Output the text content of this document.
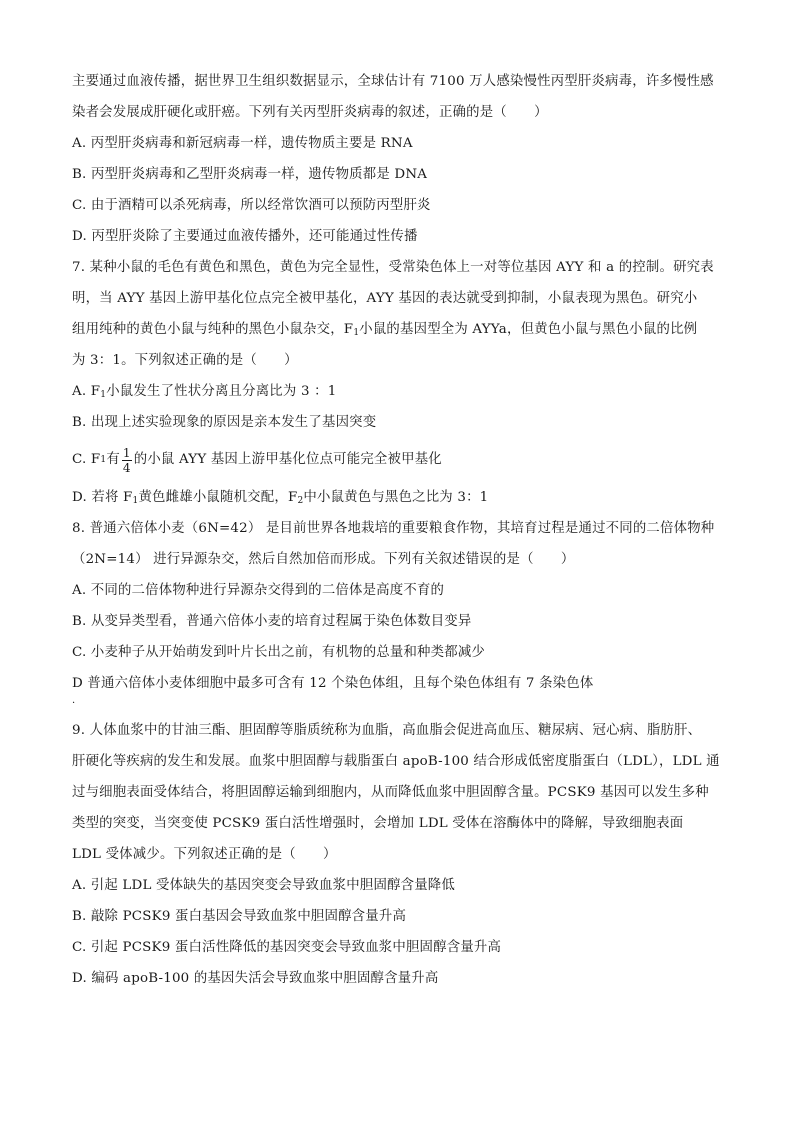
主要通过血液传播，据世界卫生组织数据显示，全球估计有 7100 万人感染慢性丙型肝炎病毒，许多慢性感
染者会发展成肝硬化或肝癌。下列有关丙型肝炎病毒的叙述，正确的是（　　）
A. 丙型肝炎病毒和新冠病毒一样，遗传物质主要是 RNA
B. 丙型肝炎病毒和乙型肝炎病毒一样，遗传物质都是 DNA
C. 由于酒精可以杀死病毒，所以经常饮酒可以预防丙型肝炎
D. 丙型肝炎除了主要通过血液传播外，还可能通过性传播
7. 某种小鼠的毛色有黄色和黑色，黄色为完全显性，受常染色体上一对等位基因 AYY 和 a 的控制。研究表
明，当 AYY 基因上游甲基化位点完全被甲基化，AYY 基因的表达就受到抑制，小鼠表现为黑色。研究小
组用纯种的黄色小鼠与纯种的黑色小鼠杂交，$F_1$小鼠的基因型全为 AYYa，但黄色小鼠与黑色小鼠的比例
为 3：1。下列叙述正确的是（　　）
A. $F_1$小鼠发生了性状分离且分离比为 3 ：1
B. 出现上述实验现象的原因是亲本发生了基因突变
C. F 1 有 $\frac{1}{4}$ 的小鼠 AYY 基因上游甲基化位点可能完全被甲基化
D. 若将 $F_1$黄色雌雄小鼠随机交配，$F_2$中小鼠黄色与黑色之比为 3：1
8. 普通六倍体小麦（6N=42） 是目前世界各地栽培的重要粮食作物，其培育过程是通过不同的二倍体物种
（2N=14） 进行异源杂交，然后自然加倍而形成。下列有关叙述错误的是（　　）
A. 不同的二倍体物种进行异源杂交得到的二倍体是高度不育的
B. 从变异类型看，普通六倍体小麦的培育过程属于染色体数目变异
C. 小麦种子从开始萌发到叶片长出之前，有机物的总量和种类都减少
D 普通六倍体小麦体细胞中最多可含有 12 个染色体组，且每个染色体组有 7 条染色体
·
9. 人体血浆中的甘油三酯、胆固醇等脂质统称为血脂，高血脂会促进高血压、糖尿病、冠心病、脂肪肝、
肝硬化等疾病的发生和发展。血浆中胆固醇与载脂蛋白 apoB-100 结合形成低密度脂蛋白（LDL），LDL 通
过与细胞表面受体结合，将胆固醇运输到细胞内，从而降低血浆中胆固醇含量。PCSK9 基因可以发生多种
类型的突变，当突变使 PCSK9 蛋白活性增强时，会增加 LDL 受体在溶酶体中的降解，导致细胞表面
LDL 受体减少。下列叙述正确的是（　　）
A. 引起 LDL 受体缺失的基因突变会导致血浆中胆固醇含量降低
B. 敲除 PCSK9 蛋白基因会导致血浆中胆固醇含量升高
C. 引起 PCSK9 蛋白活性降低的基因突变会导致血浆中胆固醇含量升高
D. 编码 apoB-100 的基因失活会导致血浆中胆固醇含量升高
